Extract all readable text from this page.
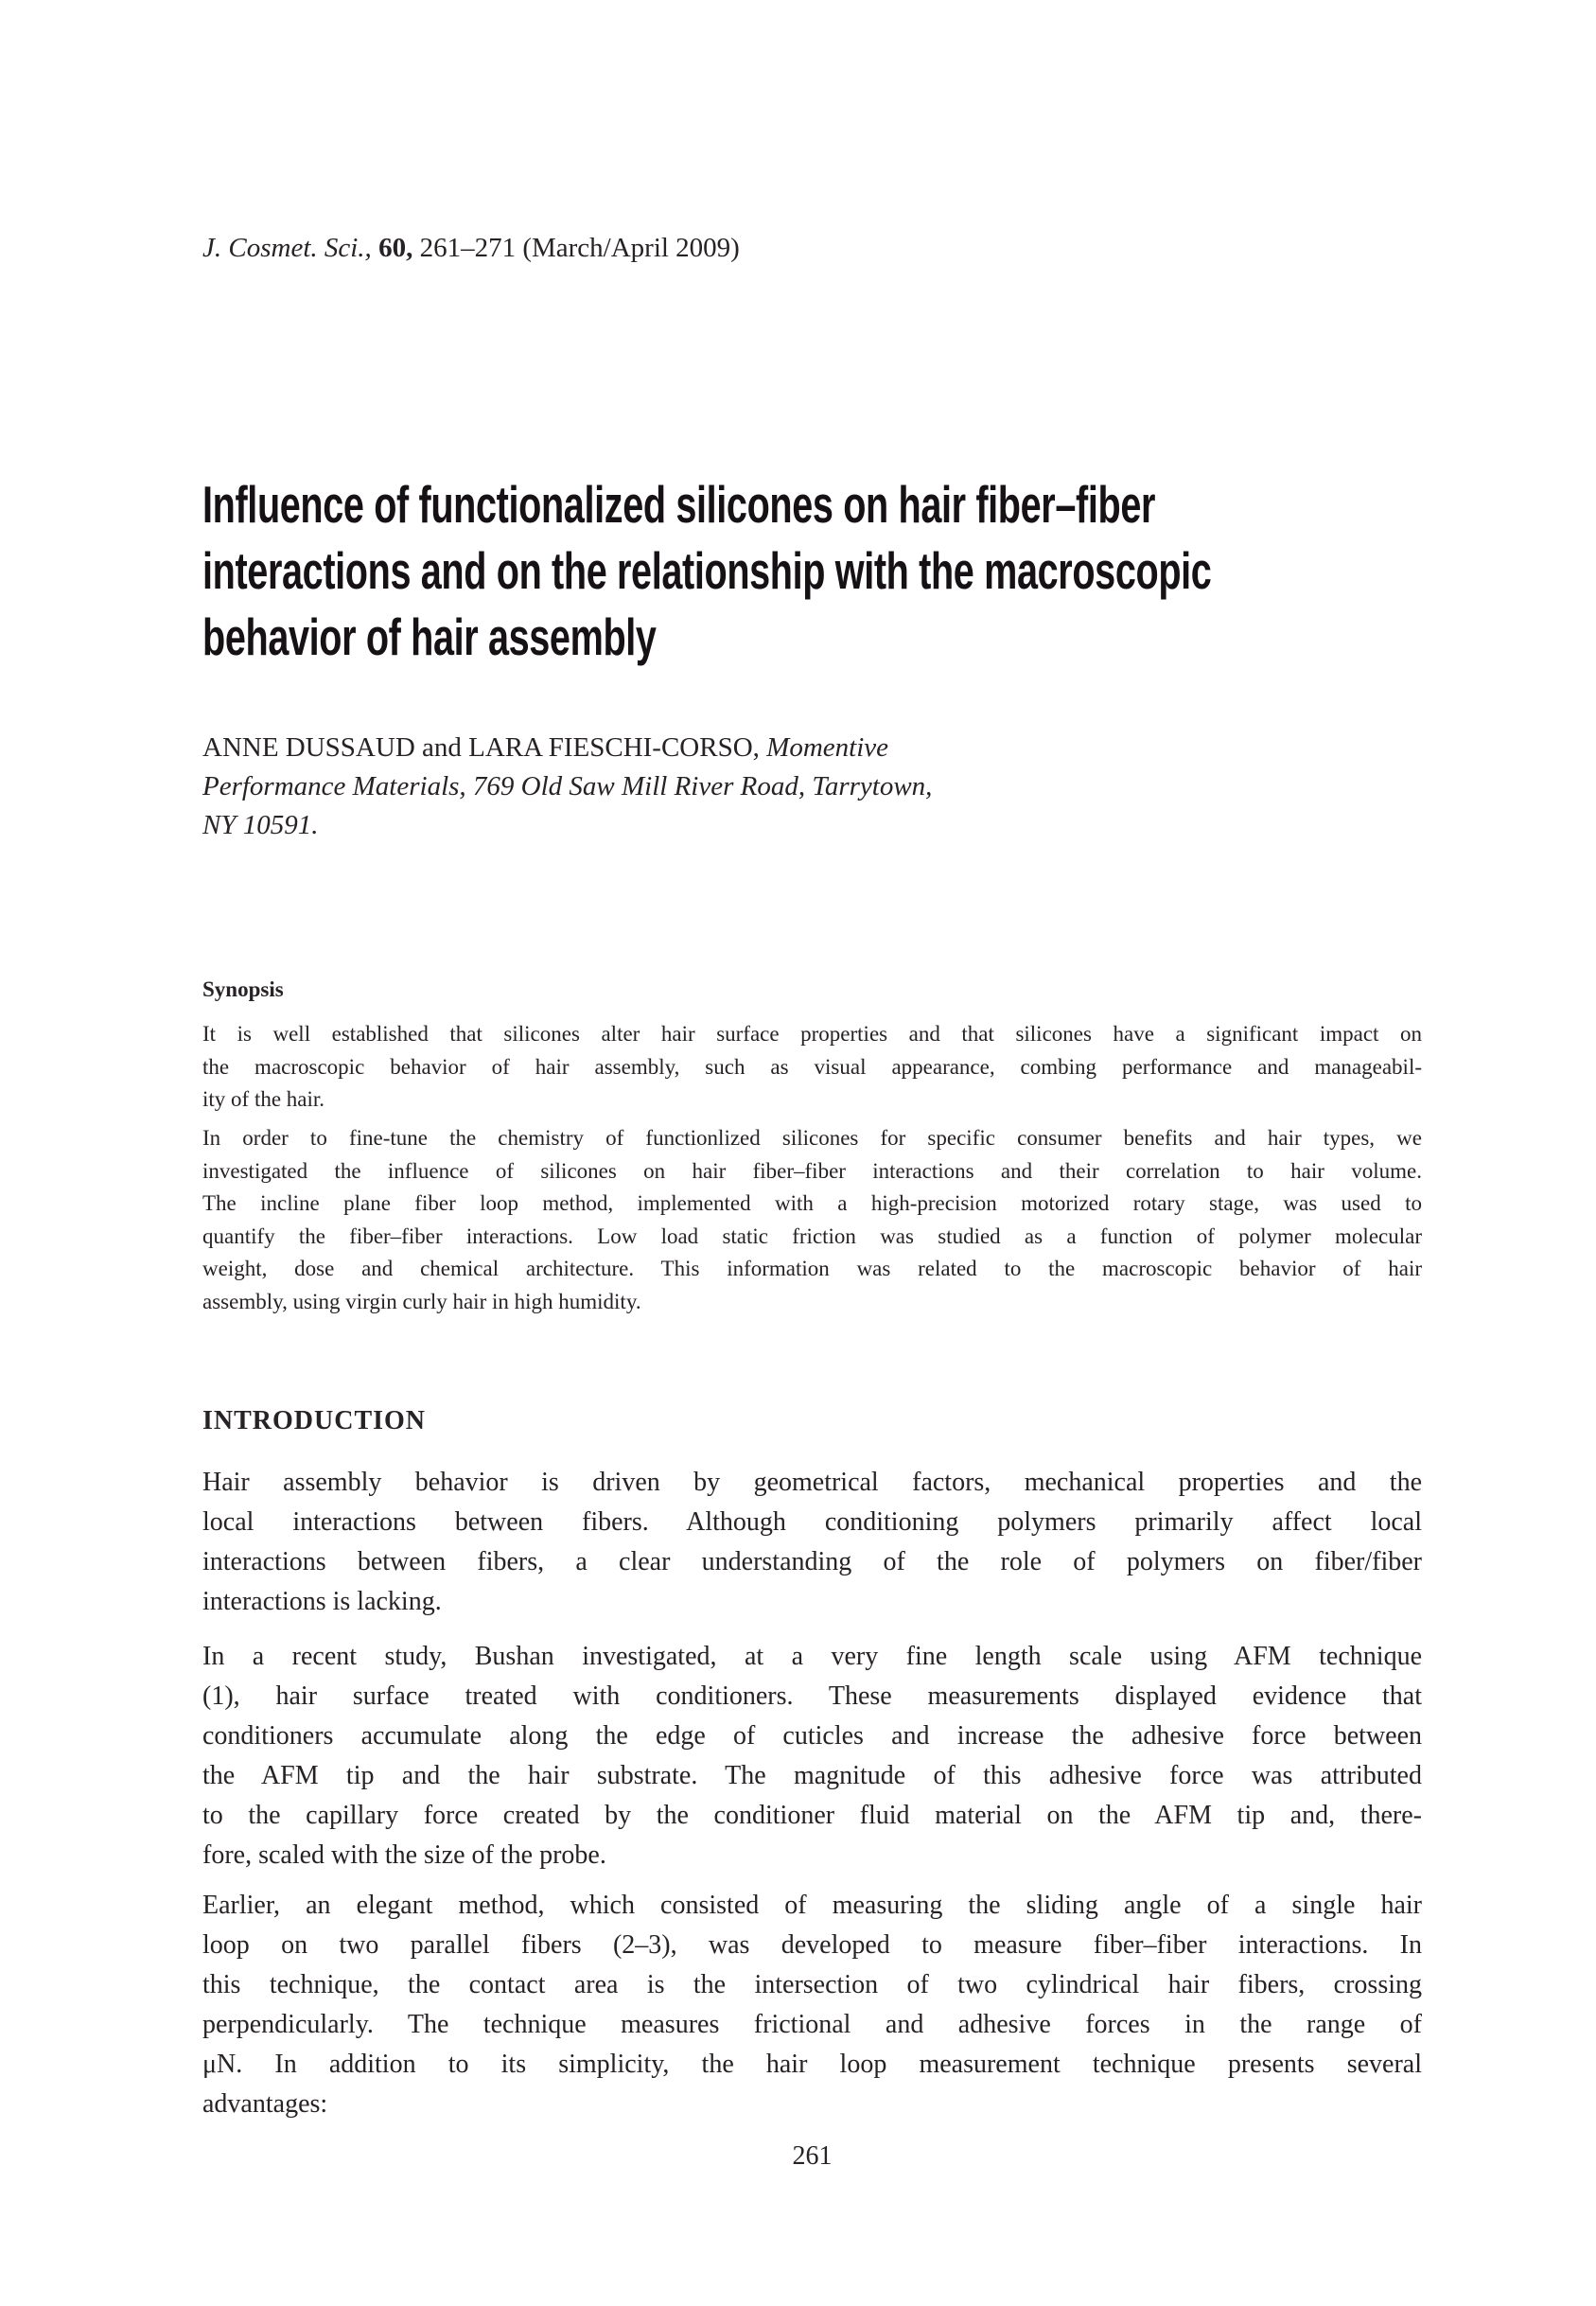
J. Cosmet. Sci., 60, 261–271 (March/April 2009)
Influence of functionalized silicones on hair fiber–fiber
interactions and on the relationship with the macroscopic
behavior of hair assembly
ANNE DUSSAUD and LARA FIESCHI-CORSO, Momentive
Performance Materials, 769 Old Saw Mill River Road, Tarrytown,
NY 10591.
Synopsis
It is well established that silicones alter hair surface properties and that silicones have a significant impact on
the macroscopic behavior of hair assembly, such as visual appearance, combing performance and manageabil-
ity of the hair.
In order to fine-tune the chemistry of functionlized silicones for specific consumer benefits and hair types, we
investigated the influence of silicones on hair fiber–fiber interactions and their correlation to hair volume.
The incline plane fiber loop method, implemented with a high-precision motorized rotary stage, was used to
quantify the fiber–fiber interactions. Low load static friction was studied as a function of polymer molecular
weight, dose and chemical architecture. This information was related to the macroscopic behavior of hair
assembly, using virgin curly hair in high humidity.
INTRODUCTION
Hair assembly behavior is driven by geometrical factors, mechanical properties and the
local interactions between fibers. Although conditioning polymers primarily affect local
interactions between fibers, a clear understanding of the role of polymers on fiber/fiber
interactions is lacking.
In a recent study, Bushan investigated, at a very fine length scale using AFM technique
(1), hair surface treated with conditioners. These measurements displayed evidence that
conditioners accumulate along the edge of cuticles and increase the adhesive force between
the AFM tip and the hair substrate. The magnitude of this adhesive force was attributed
to the capillary force created by the conditioner fluid material on the AFM tip and, there-
fore, scaled with the size of the probe.
Earlier, an elegant method, which consisted of measuring the sliding angle of a single hair
loop on two parallel fibers (2–3), was developed to measure fiber–fiber interactions. In
this technique, the contact area is the intersection of two cylindrical hair fibers, crossing
perpendicularly. The technique measures frictional and adhesive forces in the range of
μN. In addition to its simplicity, the hair loop measurement technique presents several
advantages:
261
